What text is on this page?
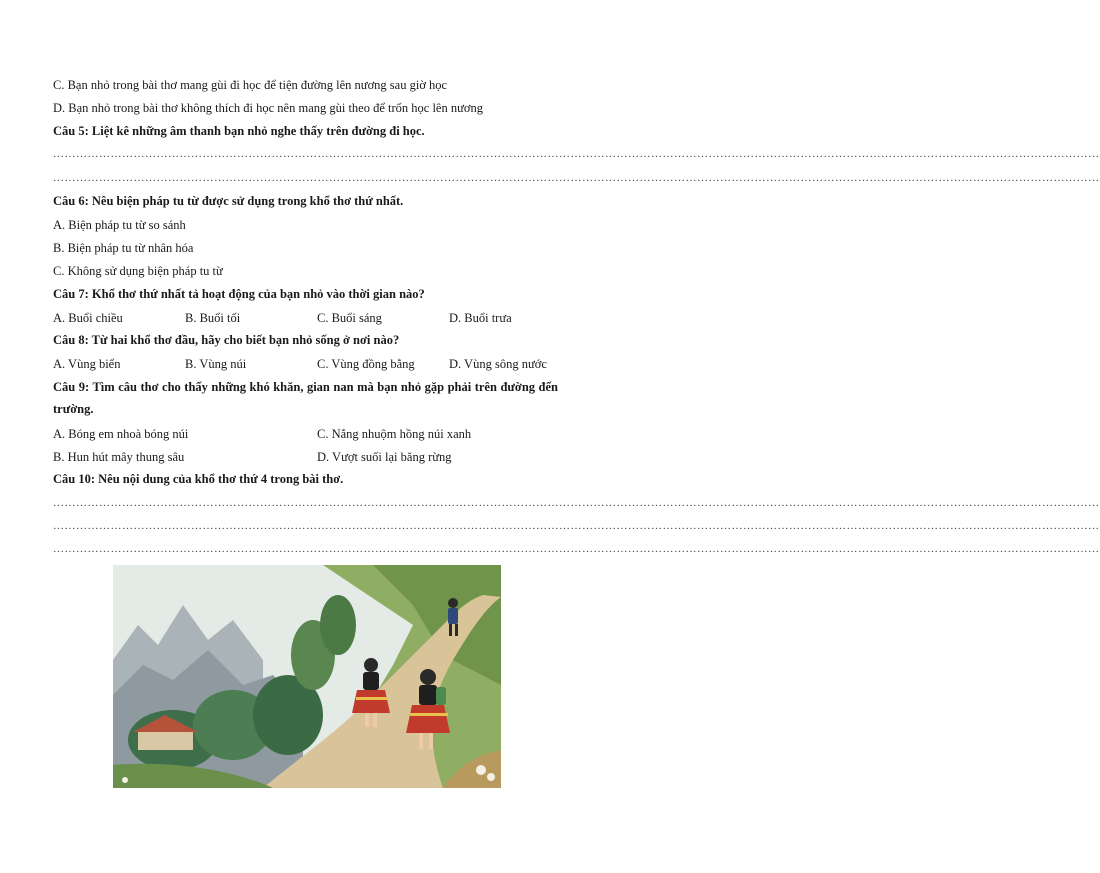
C. Bạn nhỏ trong bài thơ mang gùi đi học để tiện đường lên nương sau giờ học
D. Bạn nhỏ trong bài thơ không thích đi học nên mang gùi theo để trốn học lên nương
Câu 5: Liệt kê những âm thanh bạn nhỏ nghe thấy trên đường đi học.
…………………………………………………………………………………………………………………………………………………………………………………………………………………………………………………
…………………………………………………………………………………………………………………………………………………………………………………………………………………………………………………
Câu 6: Nêu biện pháp tu từ được sử dụng trong khổ thơ thứ nhất.
A. Biện pháp tu từ so sánh
B. Biện pháp tu từ nhân hóa
C. Không sử dụng biện pháp tu từ
Câu 7: Khổ thơ thứ nhất tả hoạt động của bạn nhỏ vào thời gian nào?
A. Buổi chiều	B. Buổi tối	C. Buổi sáng	D. Buổi trưa
Câu 8: Từ hai khổ thơ đầu, hãy cho biết bạn nhỏ sống ở nơi nào?
A. Vùng biển	B. Vùng núi	C. Vùng đồng bằng	D. Vùng sông nước
Câu 9: Tìm câu thơ cho thấy những khó khăn, gian nan mà bạn nhỏ gặp phải trên đường đến trường.
A. Bóng em nhoà bóng núi	C. Nắng nhuộm hồng núi xanh
B. Hun hút mây thung sâu	D. Vượt suối lại băng rừng
Câu 10: Nêu nội dung của khổ thơ thứ 4 trong bài thơ.
…………………………………………………………………………………………………………………………………………………………………………………………………………………………………………………
…………………………………………………………………………………………………………………………………………………………………………………………………………………………………………………
…………………………………………………………………………………………………………………………………………………………………………………………………………………………………………………
